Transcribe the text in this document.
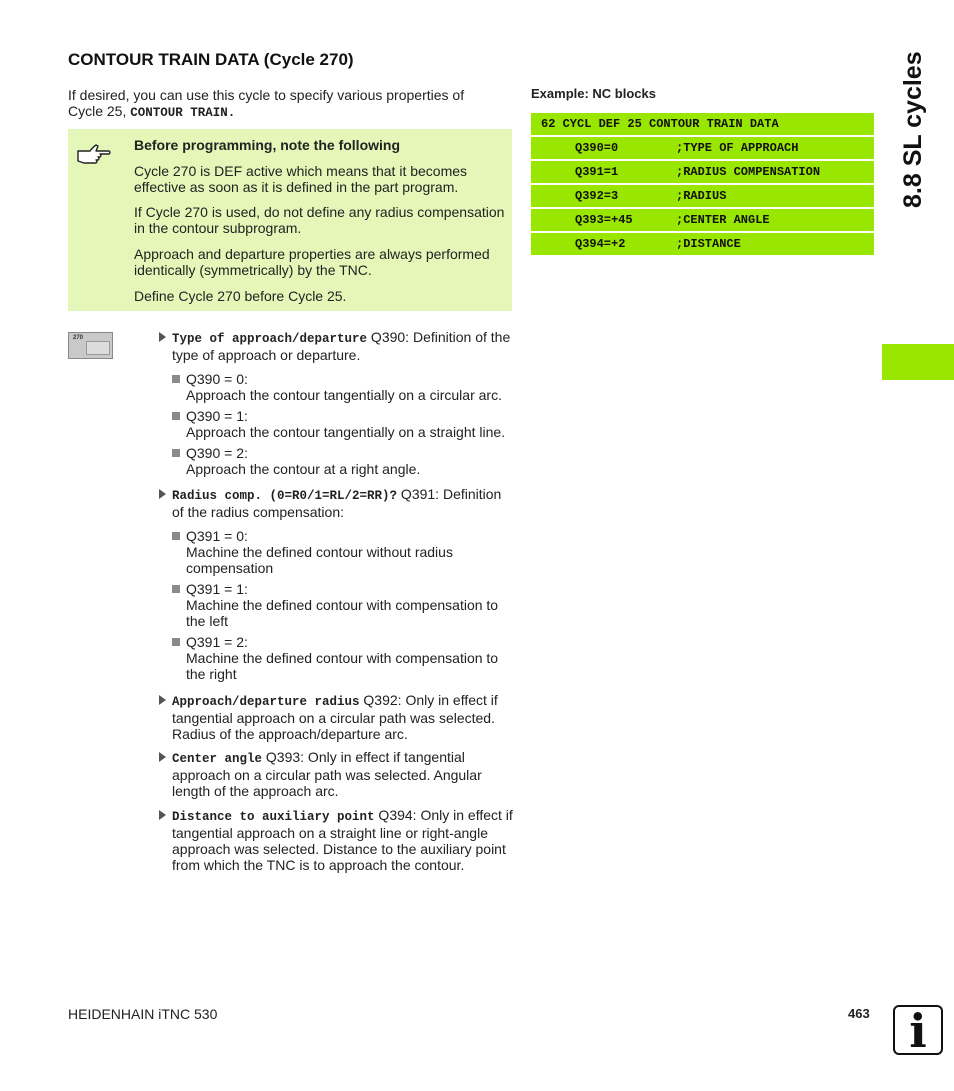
CONTOUR TRAIN DATA (Cycle 270)
If desired, you can use this cycle to specify various properties of Cycle 25, CONTOUR TRAIN.
Before programming, note the following

Cycle 270 is DEF active which means that it becomes effective as soon as it is defined in the part program.

If Cycle 270 is used, do not define any radius compensation in the contour subprogram.

Approach and departure properties are always performed identically (symmetrically) by the TNC.

Define Cycle 270 before Cycle 25.

270	Type of approach/departure Q390: Definition of the type of approach or departure.
Q390 = 0:
Approach the contour tangentially on a circular arc.
Q390 = 1:
Approach the contour tangentially on a straight line.
Q390 = 2:
Approach the contour at a right angle.
Radius comp. (0=R0/1=RL/2=RR)? Q391: Definition of the radius compensation:
Q391 = 0:
Machine the defined contour without radius compensation
Q391 = 1:
Machine the defined contour with compensation to the left
Q391 = 2:
Machine the defined contour with compensation to the right
Approach/departure radius Q392: Only in effect if tangential approach on a circular path was selected. Radius of the approach/departure arc.
Center angle Q393: Only in effect if tangential approach on a circular path was selected. Angular length of the approach arc.
Distance to auxiliary point Q394: Only in effect if tangential approach on a straight line or right-angle approach was selected. Distance to the auxiliary point from which the TNC is to approach the contour.
Example: NC blocks
62 CYCL DEF 25 CONTOUR TRAIN DATA
Q390=0	;TYPE OF APPROACH
Q391=1	;RADIUS COMPENSATION
Q392=3	;RADIUS
Q393=+45	;CENTER ANGLE
Q394=+2	;DISTANCE
8.8 SL cycles
HEIDENHAIN iTNC 530	463 i
